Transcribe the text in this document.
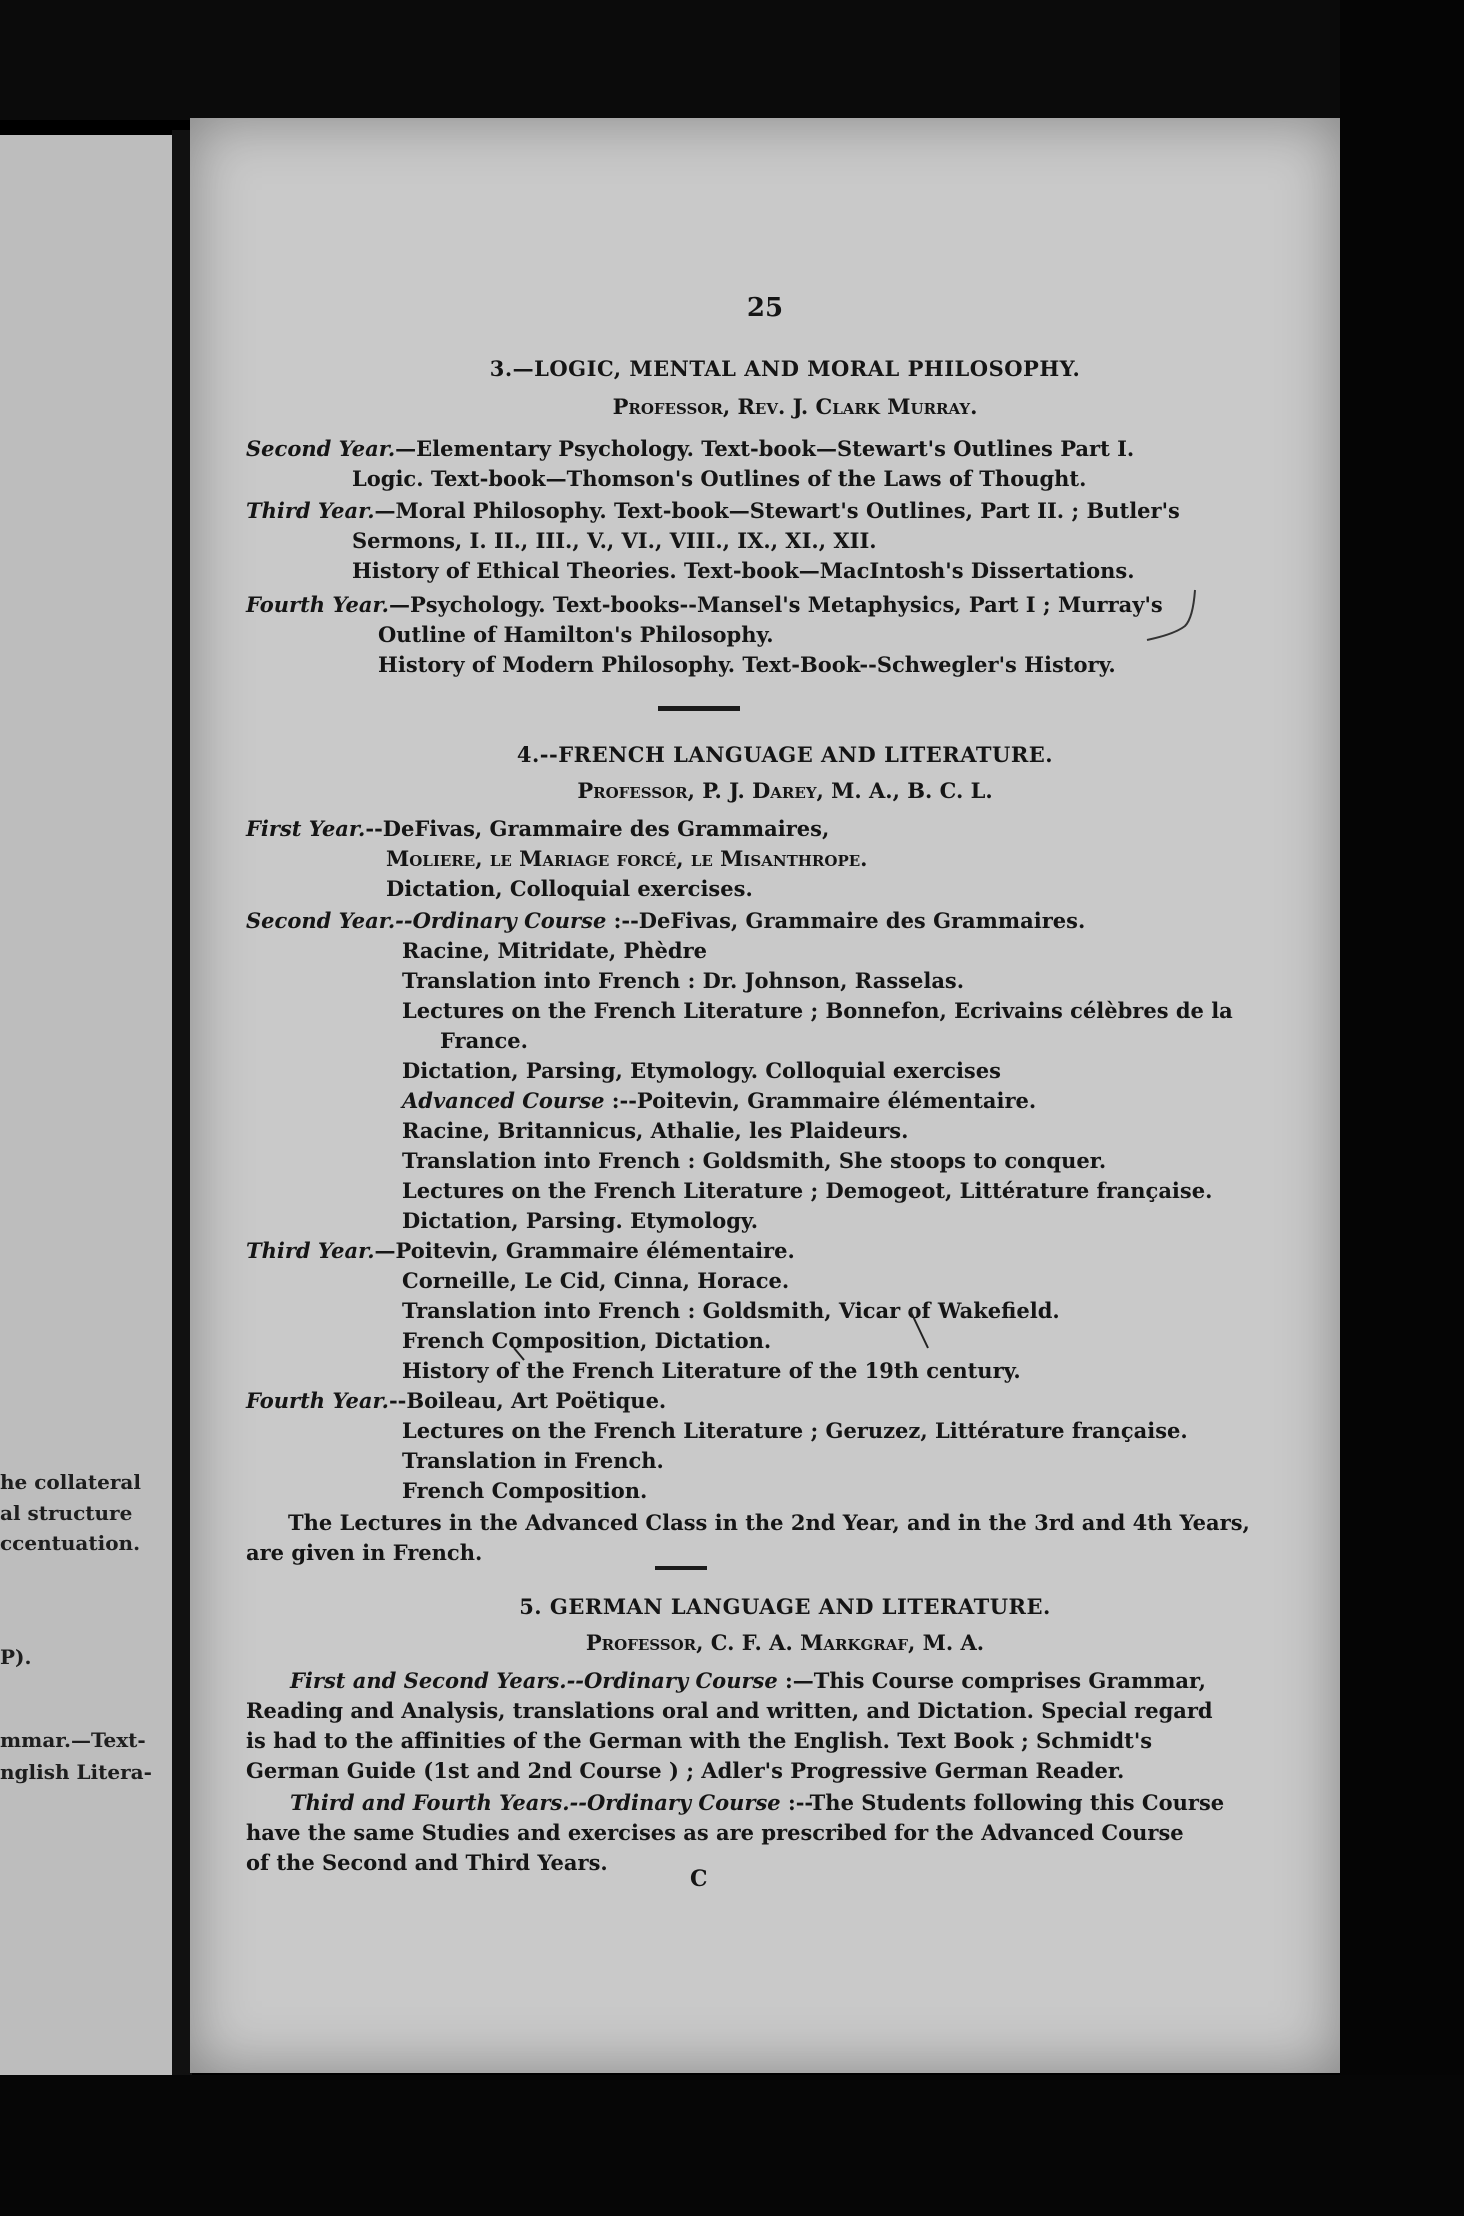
he collateral
al structure
ccentuation.
P).
mmar.—Text-
nglish Litera-
25
3.—LOGIC, MENTAL AND MORAL PHILOSOPHY.
Professor, Rev. J. Clark Murray.
Second Year.—Elementary Psychology. Text-book—Stewart's Outlines Part I.
Logic. Text-book—Thomson's Outlines of the Laws of Thought.
Third Year.—Moral Philosophy. Text-book—Stewart's Outlines, Part II. ; Butler's
Sermons, I. II., III., V., VI., VIII., IX., XI., XII.
History of Ethical Theories. Text-book—MacIntosh's Dissertations.
Fourth Year.—Psychology. Text-books--Mansel's Metaphysics, Part I ; Murray's
Outline of Hamilton's Philosophy.
History of Modern Philosophy. Text-Book--Schwegler's History.
4.--FRENCH LANGUAGE AND LITERATURE.
Professor, P. J. Darey, M. A., B. C. L.
First Year.--DeFivas, Grammaire des Grammaires,
Moliere, le Mariage forcé, le Misanthrope.
Dictation, Colloquial exercises.
Second Year.--Ordinary Course :--DeFivas, Grammaire des Grammaires.
Racine, Mitridate, Phèdre
Translation into French : Dr. Johnson, Rasselas.
Lectures on the French Literature ; Bonnefon, Ecrivains célèbres de la
France.
Dictation, Parsing, Etymology. Colloquial exercises
Advanced Course :--Poitevin, Grammaire élémentaire.
Racine, Britannicus, Athalie, les Plaideurs.
Translation into French : Goldsmith, She stoops to conquer.
Lectures on the French Literature ; Demogeot, Littérature française.
Dictation, Parsing. Etymology.
Third Year.—Poitevin, Grammaire élémentaire.
Corneille, Le Cid, Cinna, Horace.
Translation into French : Goldsmith, Vicar of Wakefield.
French Composition, Dictation.
History of the French Literature of the 19th century.
Fourth Year.--Boileau, Art Poëtique.
Lectures on the French Literature ; Geruzez, Littérature française.
Translation in French.
French Composition.
The Lectures in the Advanced Class in the 2nd Year, and in the 3rd and 4th Years,
are given in French.
5. GERMAN LANGUAGE AND LITERATURE.
Professor, C. F. A. Markgraf, M. A.
First and Second Years.--Ordinary Course :—This Course comprises Grammar,
Reading and Analysis, translations oral and written, and Dictation. Special regard
is had to the affinities of the German with the English. Text Book ; Schmidt's
German Guide (1st and 2nd Course ) ; Adler's Progressive German Reader.
Third and Fourth Years.--Ordinary Course :--The Students following this Course
have the same Studies and exercises as are prescribed for the Advanced Course
of the Second and Third Years.
C
